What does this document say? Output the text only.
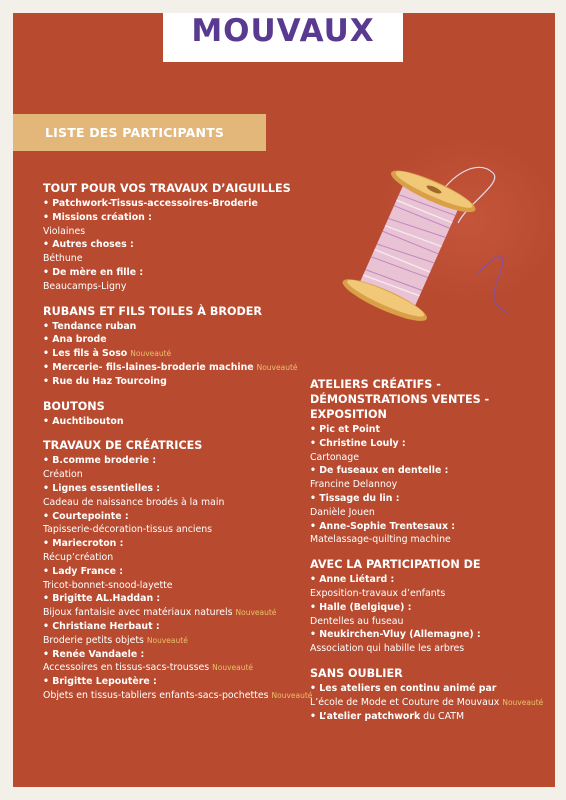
MOUVAUX
LISTE DES PARTICIPANTS
TOUT POUR VOS TRAVAUX D’AIGUILLES
• Patchwork-Tissus-accessoires-Broderie
• Missions création :
Violaines
• Autres choses :
Béthune
• De mère en fille :
Beaucamps-Ligny
RUBANS ET FILS TOILES À BRODER
• Tendance ruban
• Ana brode
• Les fils à Soso Nouveauté
• Mercerie- fils-laines-broderie machine Nouveauté
• Rue du Haz Tourcoing
BOUTONS
• Auchtibouton
TRAVAUX DE CRÉATRICES
• B.comme broderie :
Création
• Lignes essentielles :
Cadeau de naissance brodés à la main
• Courtepointe :
Tapisserie-décoration-tissus anciens
• Mariecroton :
Récup’création
• Lady France :
Tricot-bonnet-snood-layette
• Brigitte AL.Haddan :
Bijoux fantaisie avec matériaux naturels Nouveauté
• Christiane Herbaut :
Broderie petits objets Nouveauté
• Renée Vandaele :
Accessoires en tissus-sacs-trousses Nouveauté
• Brigitte Lepoutère :
Objets en tissus-tabliers enfants-sacs-pochettes Nouveauté
ATELIERS CRÉATIFS - DÉMONSTRATIONS VENTES -EXPOSITION
• Pic et Point
• Christine Louly :
Cartonage
• De fuseaux en dentelle :
Francine Delannoy
• Tissage du lin :
Danièle Jouen
• Anne-Sophie Trentesaux :
Matelassage-quilting machine
AVEC LA PARTICIPATION DE
• Anne Liétard :
Exposition-travaux d’enfants
• Halle (Belgique) :
Dentelles au fuseau
• Neukirchen-Vluy (Allemagne) :
Association qui habille les arbres
SANS OUBLIER
• Les ateliers en continu animé par
L’école de Mode et Couture de Mouvaux Nouveauté
• L’atelier patchwork du CATM
